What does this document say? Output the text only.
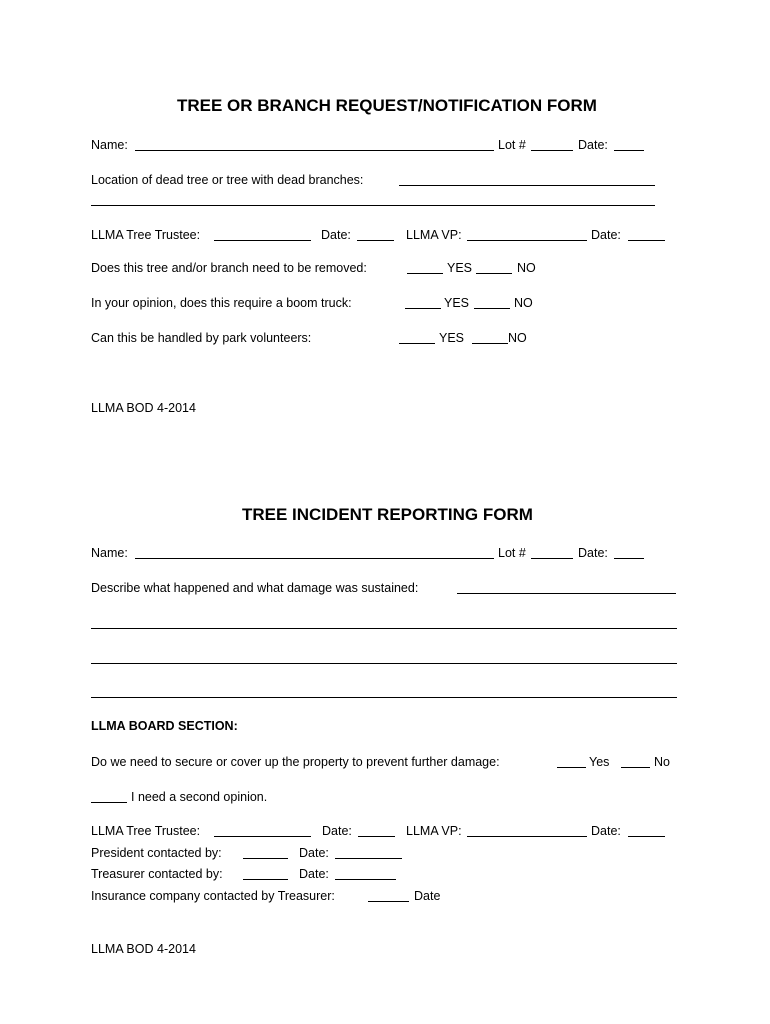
TREE OR BRANCH REQUEST/NOTIFICATION FORM
Name:	Lot #	Date:
Location of dead tree or tree with dead branches:
LLMA Tree Trustee:	Date:	LLMA VP:	Date:
Does this tree and/or branch need to be removed:	YES	NO
In your opinion, does this require a boom truck:	YES	NO
Can this be handled by park volunteers:	YES	NO
LLMA BOD 4-2014
TREE INCIDENT REPORTING FORM
Name:	Lot #	Date:
Describe what happened and what damage was sustained:
LLMA BOARD SECTION:
Do we need to secure or cover up the property to prevent further damage:	Yes	No
I need a second opinion.
LLMA Tree Trustee:	Date:	LLMA VP:	Date:
President contacted by:	Date:
Treasurer contacted by:	Date:
Insurance company contacted by Treasurer:	Date
LLMA BOD 4-2014
